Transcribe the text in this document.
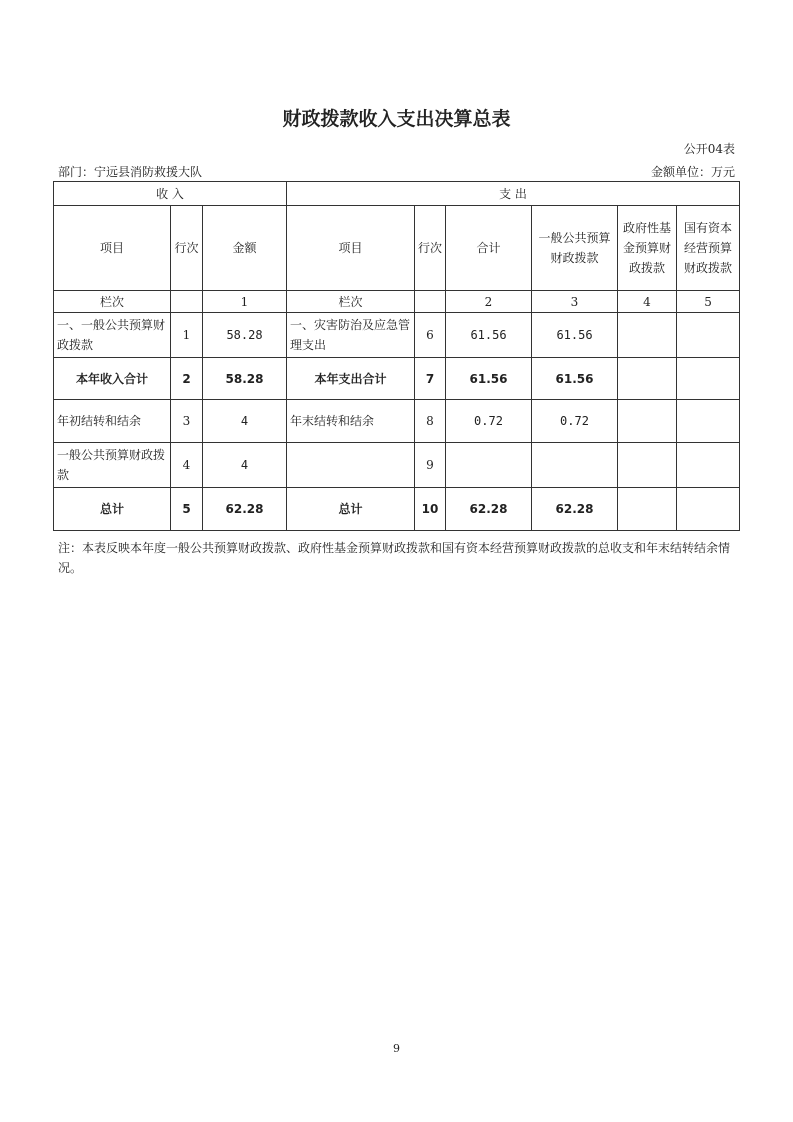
财政拨款收入支出决算总表
公开04表
部门：宁远县消防救援大队	金额单位：万元
收 入			支 出					
项目	行次	金额	项目	行次	合计	一般公共预算财政拨款	政府性基金预算财政拨款	国有资本经营预算财政拨款
栏次		1	栏次		2	3	4	5
一、一般公共预算财政拨款	1	58.28	一、灾害防治及应急管理支出	6	61.56	61.56		
本年收入合计	2	58.28	本年支出合计	7	61.56	61.56		
年初结转和结余	3	4	年末结转和结余	8	0.72	0.72		
一般公共预算财政拨款	4	4		9				
总计	5	62.28	总计	10	62.28	62.28		
注：本表反映本年度一般公共预算财政拨款、政府性基金预算财政拨款和国有资本经营预算财政拨款的总收支和年末结转结余情况。
9
